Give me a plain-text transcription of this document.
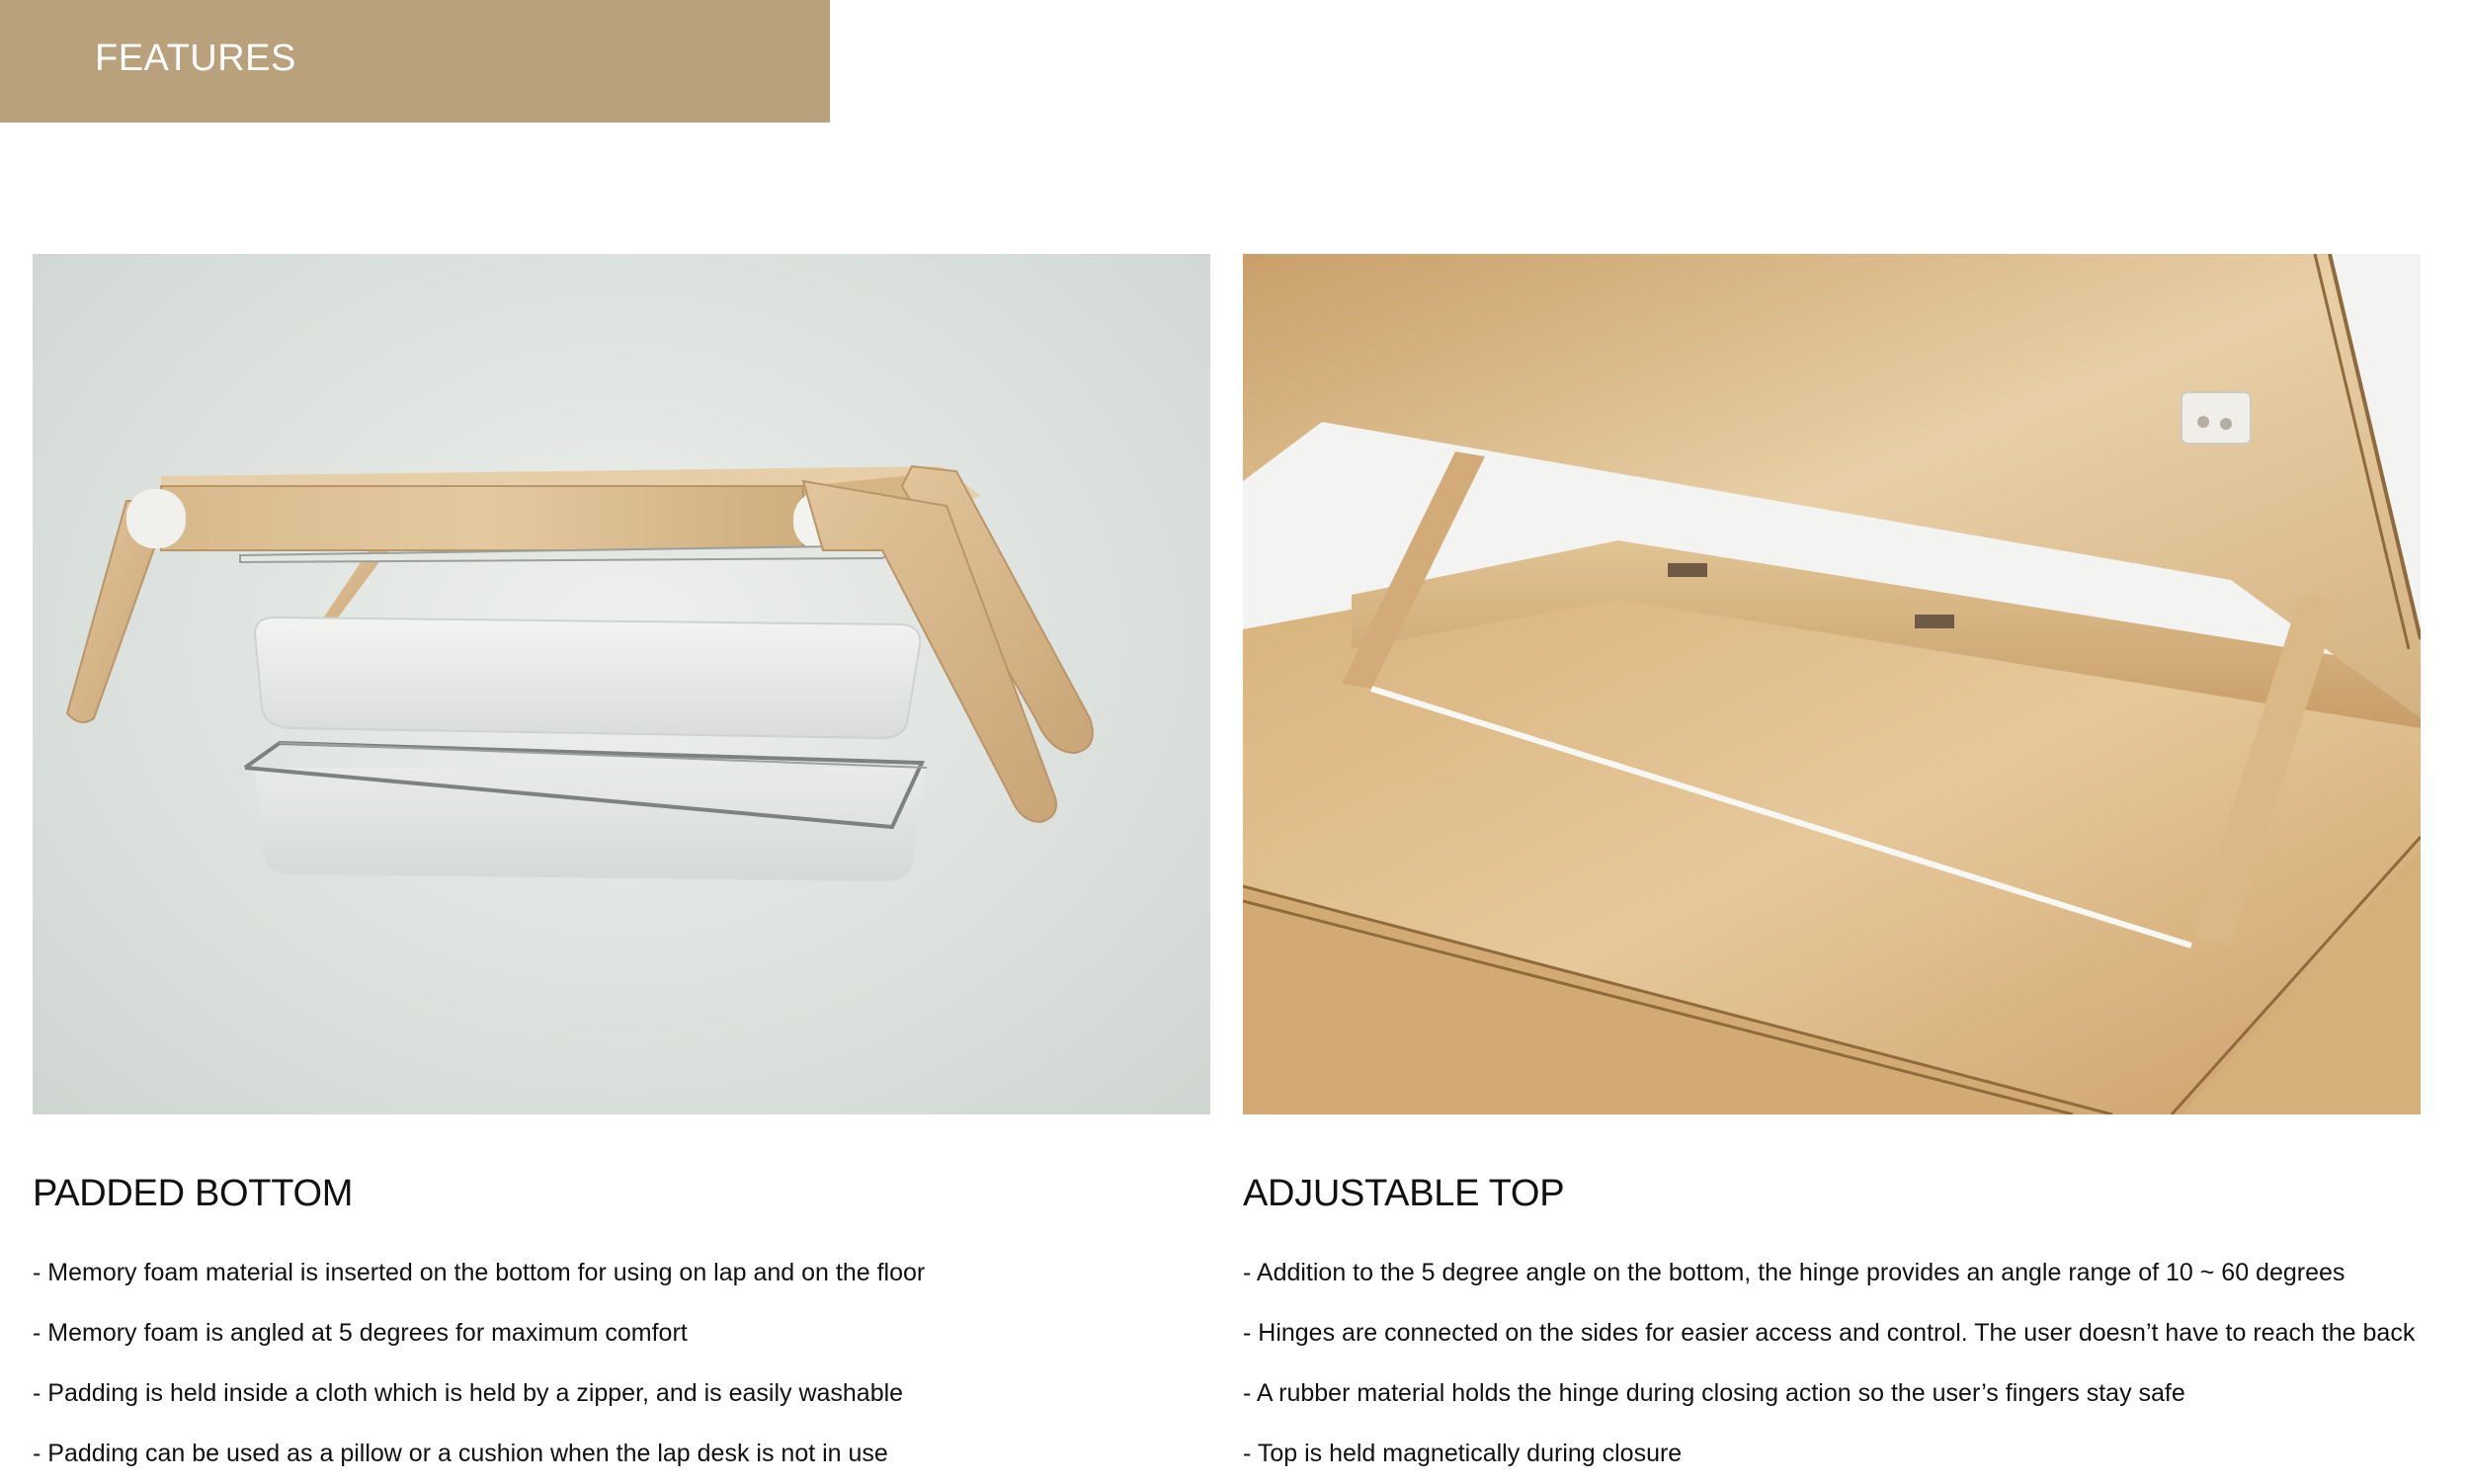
FEATURES
PADDED BOTTOM
- Memory foam material is inserted on the bottom for using on lap and on the floor
- Memory foam is angled at 5 degrees for maximum comfort
- Padding is held inside a cloth which is held by a zipper, and is easily washable
- Padding can be used as a pillow or a cushion when the lap desk is not in use
ADJUSTABLE TOP
- Addition to the 5 degree angle on the bottom, the hinge provides an angle range of 10 ~ 60 degrees
- Hinges are connected on the sides for easier access and control. The user doesn’t have to reach the back
- A rubber material holds the hinge during closing action so the user’s fingers stay safe
- Top is held magnetically during closure
